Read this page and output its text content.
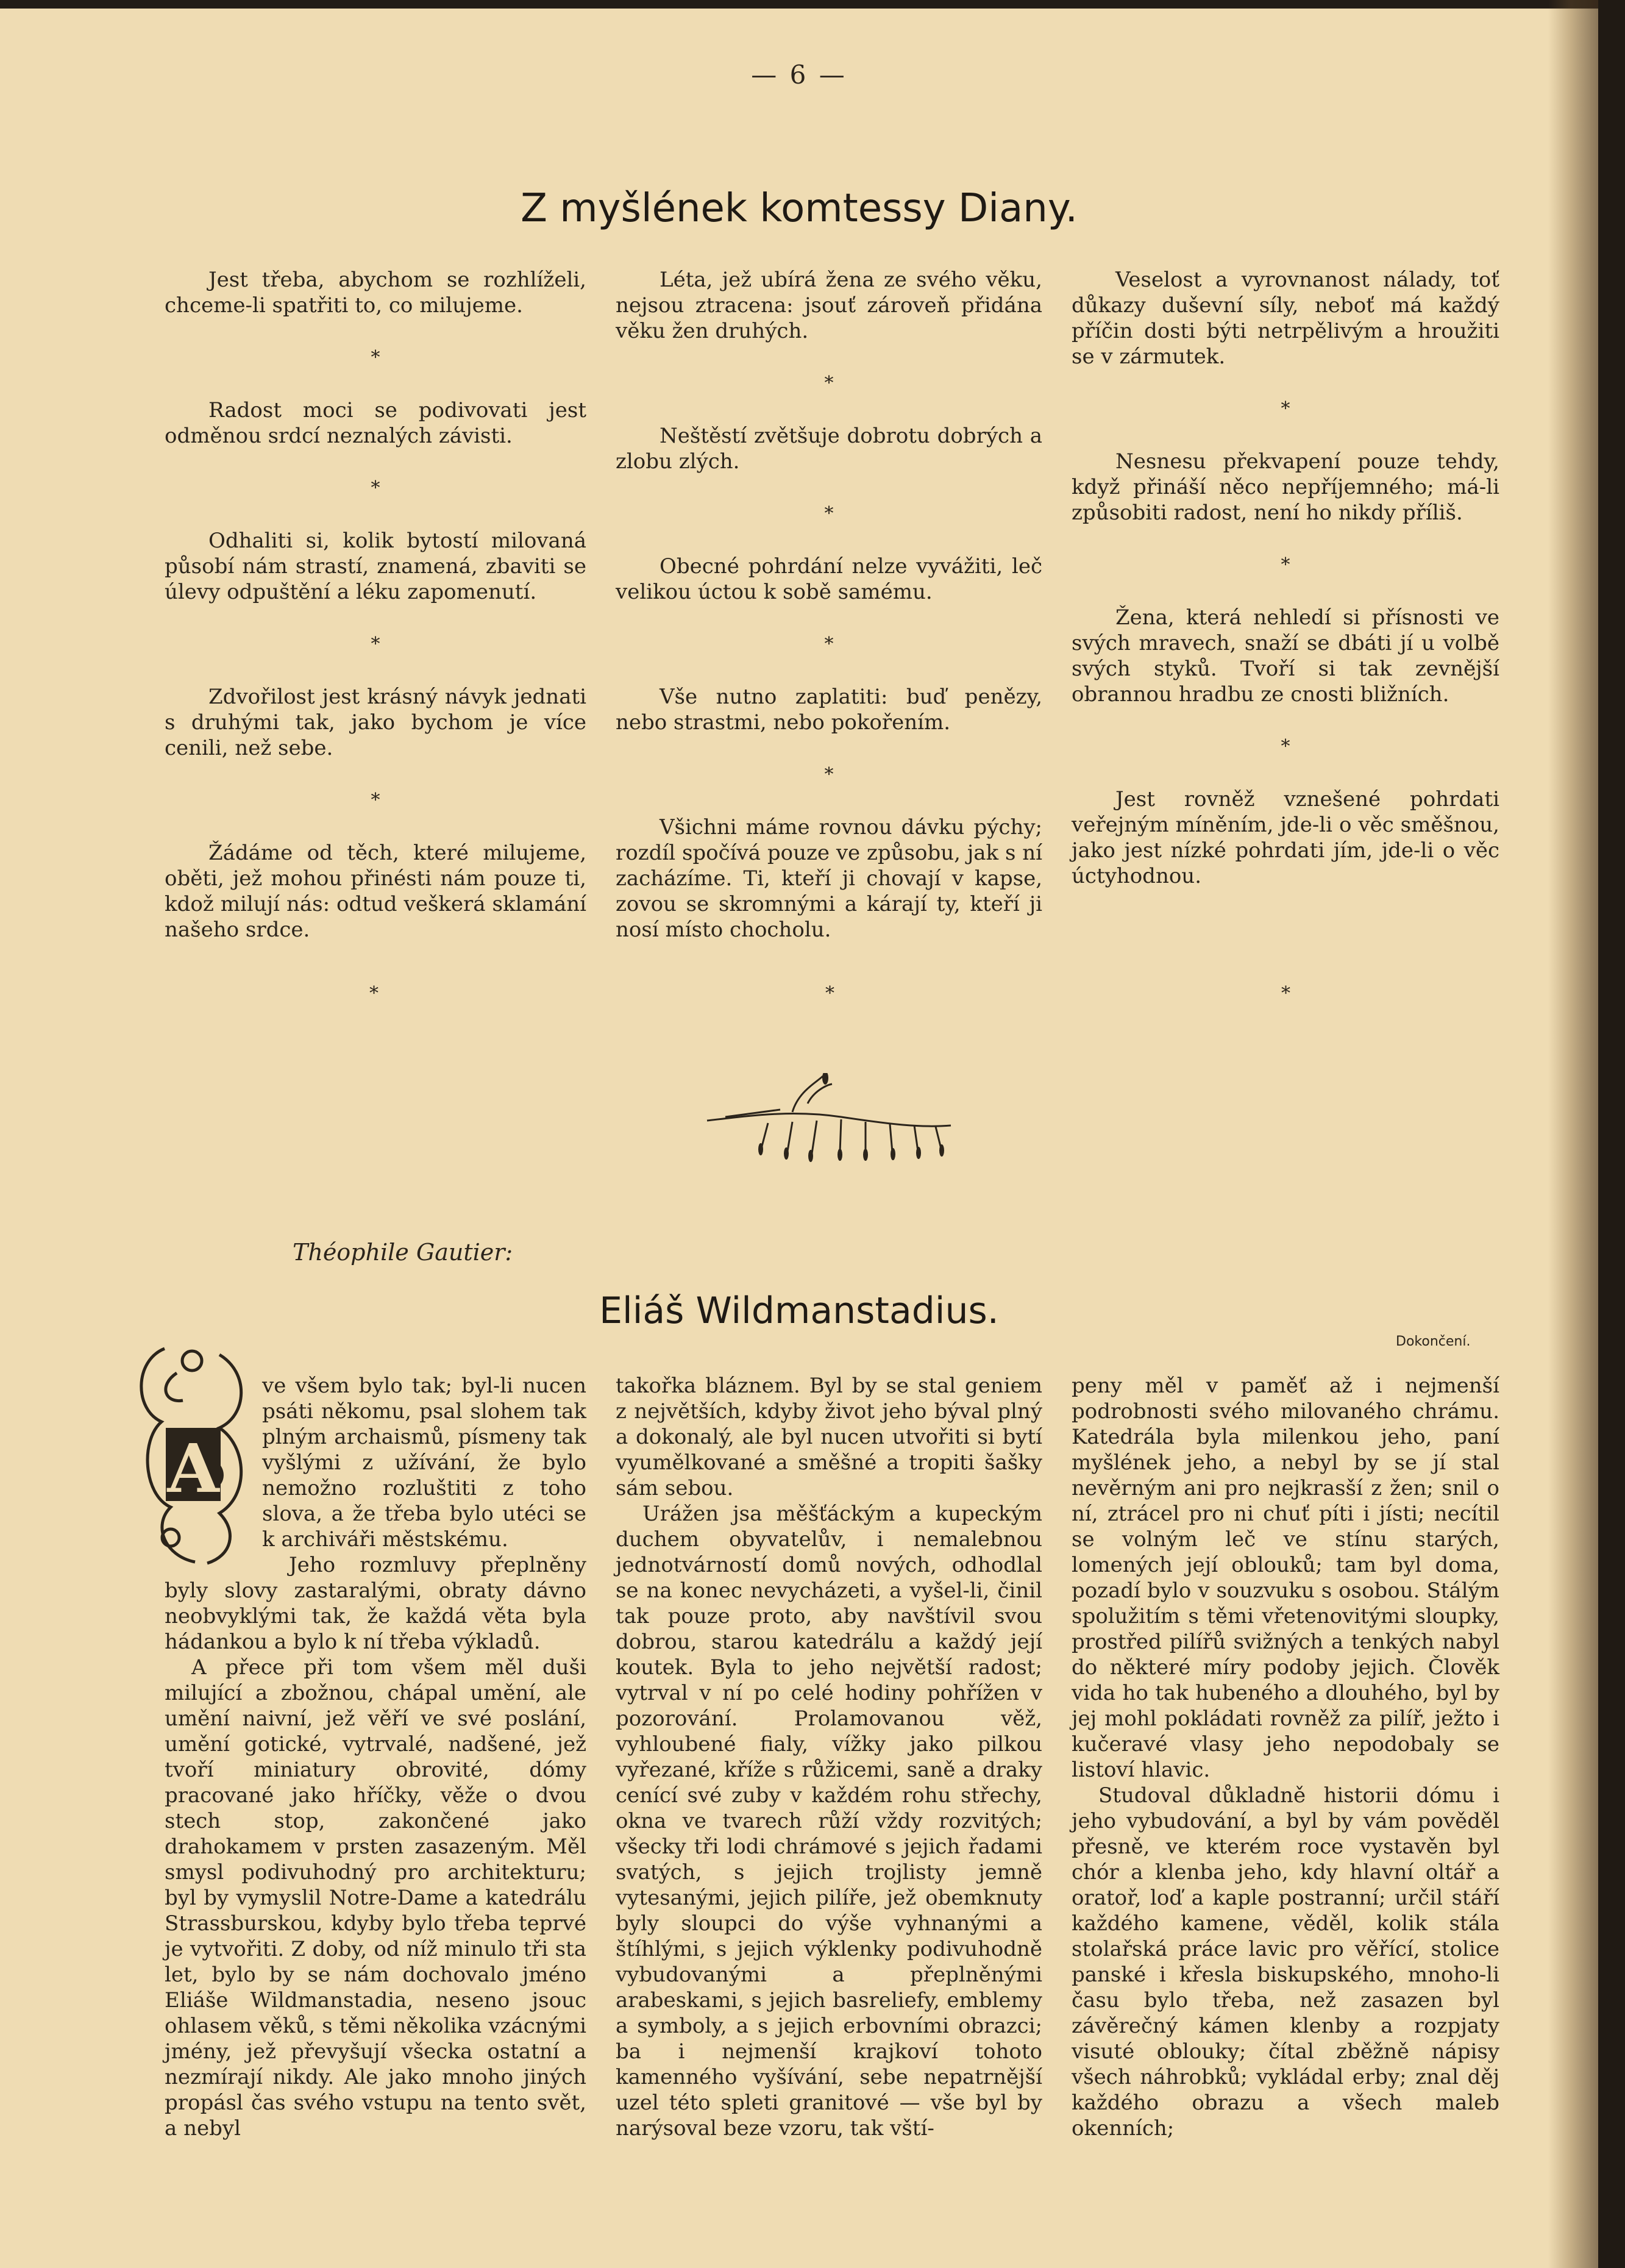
— 6 —
Z myšlének komtessy Diany.

Jest třeba, abychom se rozhlíželi, chceme-li spatřiti to, co milujeme.

*

Radost moci se podivovati jest odměnou srdcí neznalých závisti.

*

Odhaliti si, kolik bytostí milovaná působí nám strastí, znamená, zbaviti se úlevy odpuštění a léku zapomenutí.

*

Zdvořilost jest krásný návyk jednati s druhými tak, jako bychom je více cenili, než sebe.

*

Žádáme od těch, které milujeme, oběti, jež mohou přinésti nám pouze ti, kdož milují nás: odtud veškerá sklamání našeho srdce.

Léta, jež ubírá žena ze svého věku, nejsou ztracena: jsouť zároveň přidána věku žen druhých.

*

Neštěstí zvětšuje dobrotu dobrých a zlobu zlých.

*

Obecné pohrdání nelze vyvážiti, leč velikou úctou k sobě samému.

*

Vše nutno zaplatiti: buď penězy, nebo strastmi, nebo pokořením.

*

Všichni máme rovnou dávku pýchy; rozdíl spočívá pouze ve způsobu, jak s ní zacházíme. Ti, kteří ji chovají v kapse, zovou se skromnými a kárají ty, kteří ji nosí místo chocholu.

Veselost a vyrovnanost nálady, toť důkazy duševní síly, neboť má každý příčin dosti býti netrpělivým a hroužiti se v zármutek.

*

Nesnesu překvapení pouze tehdy, když přináší něco nepříjemného; má-li způsobiti radost, není ho nikdy příliš.

*

Žena, která nehledí si přísnosti ve svých mravech, snaží se dbáti jí u volbě svých styků. Tvoří si tak zevnější obrannou hradbu ze cnosti bližních.

*

Jest rovněž vznešené pohrdati veřejným míněním, jde-li o věc směšnou, jako jest nízké pohrdati jím, jde-li o věc úctyhodnou.

*	*	*
Théophile Gautier:
Eliáš Wildmanstadius.
Dokončení.
A

ve všem bylo tak; byl-li nucen psáti někomu, psal slohem tak plným archaismů, písmeny tak vyšlými z užívání, že bylo nemožno rozluštiti z toho slova, a že třeba bylo utéci se k archiváři městskému.

Jeho rozmluvy přeplněny byly slovy zastaralými, obraty dávno neobvyklými tak, že každá věta byla hádankou a bylo k ní třeba výkladů.

A přece při tom všem měl duši milující a zbožnou, chápal umění, ale umění naivní, jež věří ve své poslání, umění gotické, vytrvalé, nadšené, jež tvoří miniatury obrovité, dómy pracované jako hříčky, věže o dvou stech stop, zakončené jako drahokamem v prsten zasazeným. Měl smysl podivuhodný pro architekturu; byl by vymyslil Notre-Dame a katedrálu Strassburskou, kdyby bylo třeba teprvé je vytvořiti. Z doby, od níž minulo tři sta let, bylo by se nám dochovalo jméno Eliáše Wildmanstadia, neseno jsouc ohlasem věků, s těmi několika vzácnými jmény, jež převyšují všecka ostatní a nezmírají nikdy. Ale jako mnoho jiných propásl čas svého vstupu na tento svět, a nebyl

takořka bláznem. Byl by se stal geniem z největších, kdyby život jeho býval plný a dokonalý, ale byl nucen utvořiti si bytí vyumělkované a směšné a tropiti šašky sám sebou.

Urážen jsa měšťáckým a kupeckým duchem obyvatelův, i nemalebnou jednotvárností domů nových, odhodlal se na konec nevycházeti, a vyšel-li, činil tak pouze proto, aby navštívil svou dobrou, starou katedrálu a každý její koutek. Byla to jeho největší radost; vytrval v ní po celé hodiny pohřížen v pozorování. Prolamovanou věž, vyhloubené fialy, vížky jako pilkou vyřezané, kříže s růžicemi, saně a draky cenící své zuby v každém rohu střechy, okna ve tvarech růží vždy rozvitých; všecky tři lodi chrámové s jejich řadami svatých, s jejich trojlisty jemně vytesanými, jejich pilíře, jež obemknuty byly sloupci do výše vyhnanými a štíhlými, s jejich výklenky podivuhodně vybudovanými a přeplněnými arabeskami, s jejich basreliefy, emblemy a symboly, a s jejich erbovními obrazci; ba i nejmenší krajkoví tohoto kamenného vyšívání, sebe nepatrnější uzel této spleti granitové — vše byl by narýsoval beze vzoru, tak vští-

peny měl v paměť až i nejmenší podrobnosti svého milovaného chrámu. Katedrála byla milenkou jeho, paní myšlének jeho, a nebyl by se jí stal nevěrným ani pro nejkrasší z žen; snil o ní, ztrácel pro ni chuť píti i jísti; necítil se volným leč ve stínu starých, lomených její oblouků; tam byl doma, pozadí bylo v souzvuku s osobou. Stálým spolužitím s těmi vřetenovitými sloupky, prostřed pilířů svižných a tenkých nabyl do některé míry podoby jejich. Člověk vida ho tak hubeného a dlouhého, byl by jej mohl pokládati rovněž za pilíř, ježto i kučeravé vlasy jeho nepodobaly se listoví hlavic.

Studoval důkladně historii dómu i jeho vybudování, a byl by vám pověděl přesně, ve kterém roce vystavěn byl chór a klenba jeho, kdy hlavní oltář a oratoř, loď a kaple postranní; určil stáří každého kamene, věděl, kolik stála stolařská práce lavic pro věřící, stolice panské i křesla biskupského, mnoho-li času bylo třeba, než zasazen byl závěrečný kámen klenby a rozpjaty visuté oblouky; čítal zběžně nápisy všech náhrobků; vykládal erby; znal děj každého obrazu a všech maleb okenních;
